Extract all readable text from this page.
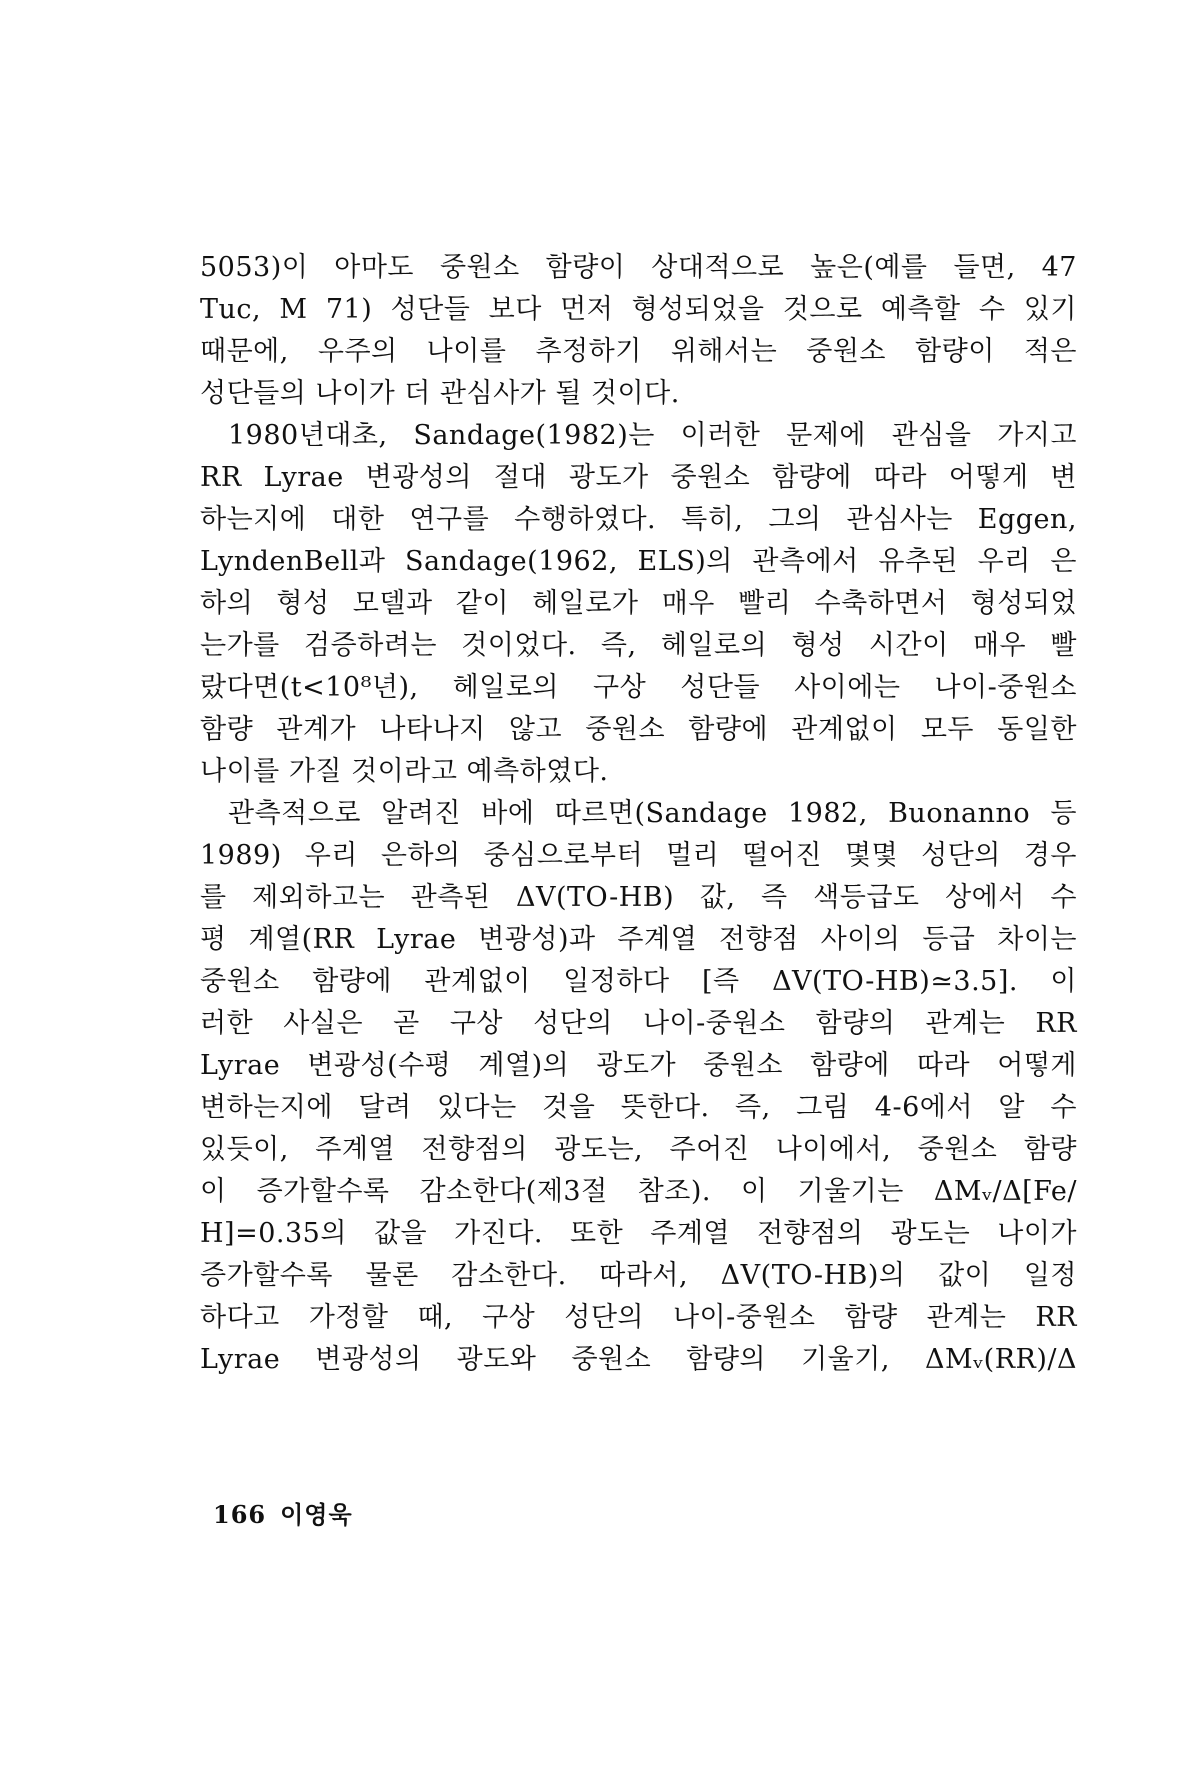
5053)이 아마도 중원소 함량이 상대적으로 높은(예를 들면, 47
Tuc, M 71) 성단들 보다 먼저 형성되었을 것으로 예측할 수 있기
때문에, 우주의 나이를 추정하기 위해서는 중원소 함량이 적은
성단들의 나이가 더 관심사가 될 것이다.
1980년대초, Sandage(1982)는 이러한 문제에 관심을 가지고
RR Lyrae 변광성의 절대 광도가 중원소 함량에 따라 어떻게 변
하는지에 대한 연구를 수행하였다. 특히, 그의 관심사는 Eggen,
LyndenBell과 Sandage(1962, ELS)의 관측에서 유추된 우리 은
하의 형성 모델과 같이 헤일로가 매우 빨리 수축하면서 형성되었
는가를 검증하려는 것이었다. 즉, 헤일로의 형성 시간이 매우 빨
랐다면(t<10⁸년), 헤일로의 구상 성단들 사이에는 나이-중원소
함량 관계가 나타나지 않고 중원소 함량에 관계없이 모두 동일한
나이를 가질 것이라고 예측하였다.
관측적으로 알려진 바에 따르면(Sandage 1982, Buonanno 등
1989) 우리 은하의 중심으로부터 멀리 떨어진 몇몇 성단의 경우
를 제외하고는 관측된 ΔV(TO-HB) 값, 즉 색등급도 상에서 수
평 계열(RR Lyrae 변광성)과 주계열 전향점 사이의 등급 차이는
중원소 함량에 관계없이 일정하다 [즉 ΔV(TO-HB)≃3.5]. 이
러한 사실은 곧 구상 성단의 나이-중원소 함량의 관계는 RR
Lyrae 변광성(수평 계열)의 광도가 중원소 함량에 따라 어떻게
변하는지에 달려 있다는 것을 뜻한다. 즉, 그림 4-6에서 알 수
있듯이, 주계열 전향점의 광도는, 주어진 나이에서, 중원소 함량
이 증가할수록 감소한다(제3절 참조). 이 기울기는 ΔMᵥ/Δ[Fe/
H]=0.35의 값을 가진다. 또한 주계열 전향점의 광도는 나이가
증가할수록 물론 감소한다. 따라서, ΔV(TO-HB)의 값이 일정
하다고 가정할 때, 구상 성단의 나이-중원소 함량 관계는 RR
Lyrae 변광성의 광도와 중원소 함량의 기울기, ΔMᵥ(RR)/Δ
166 이영욱
